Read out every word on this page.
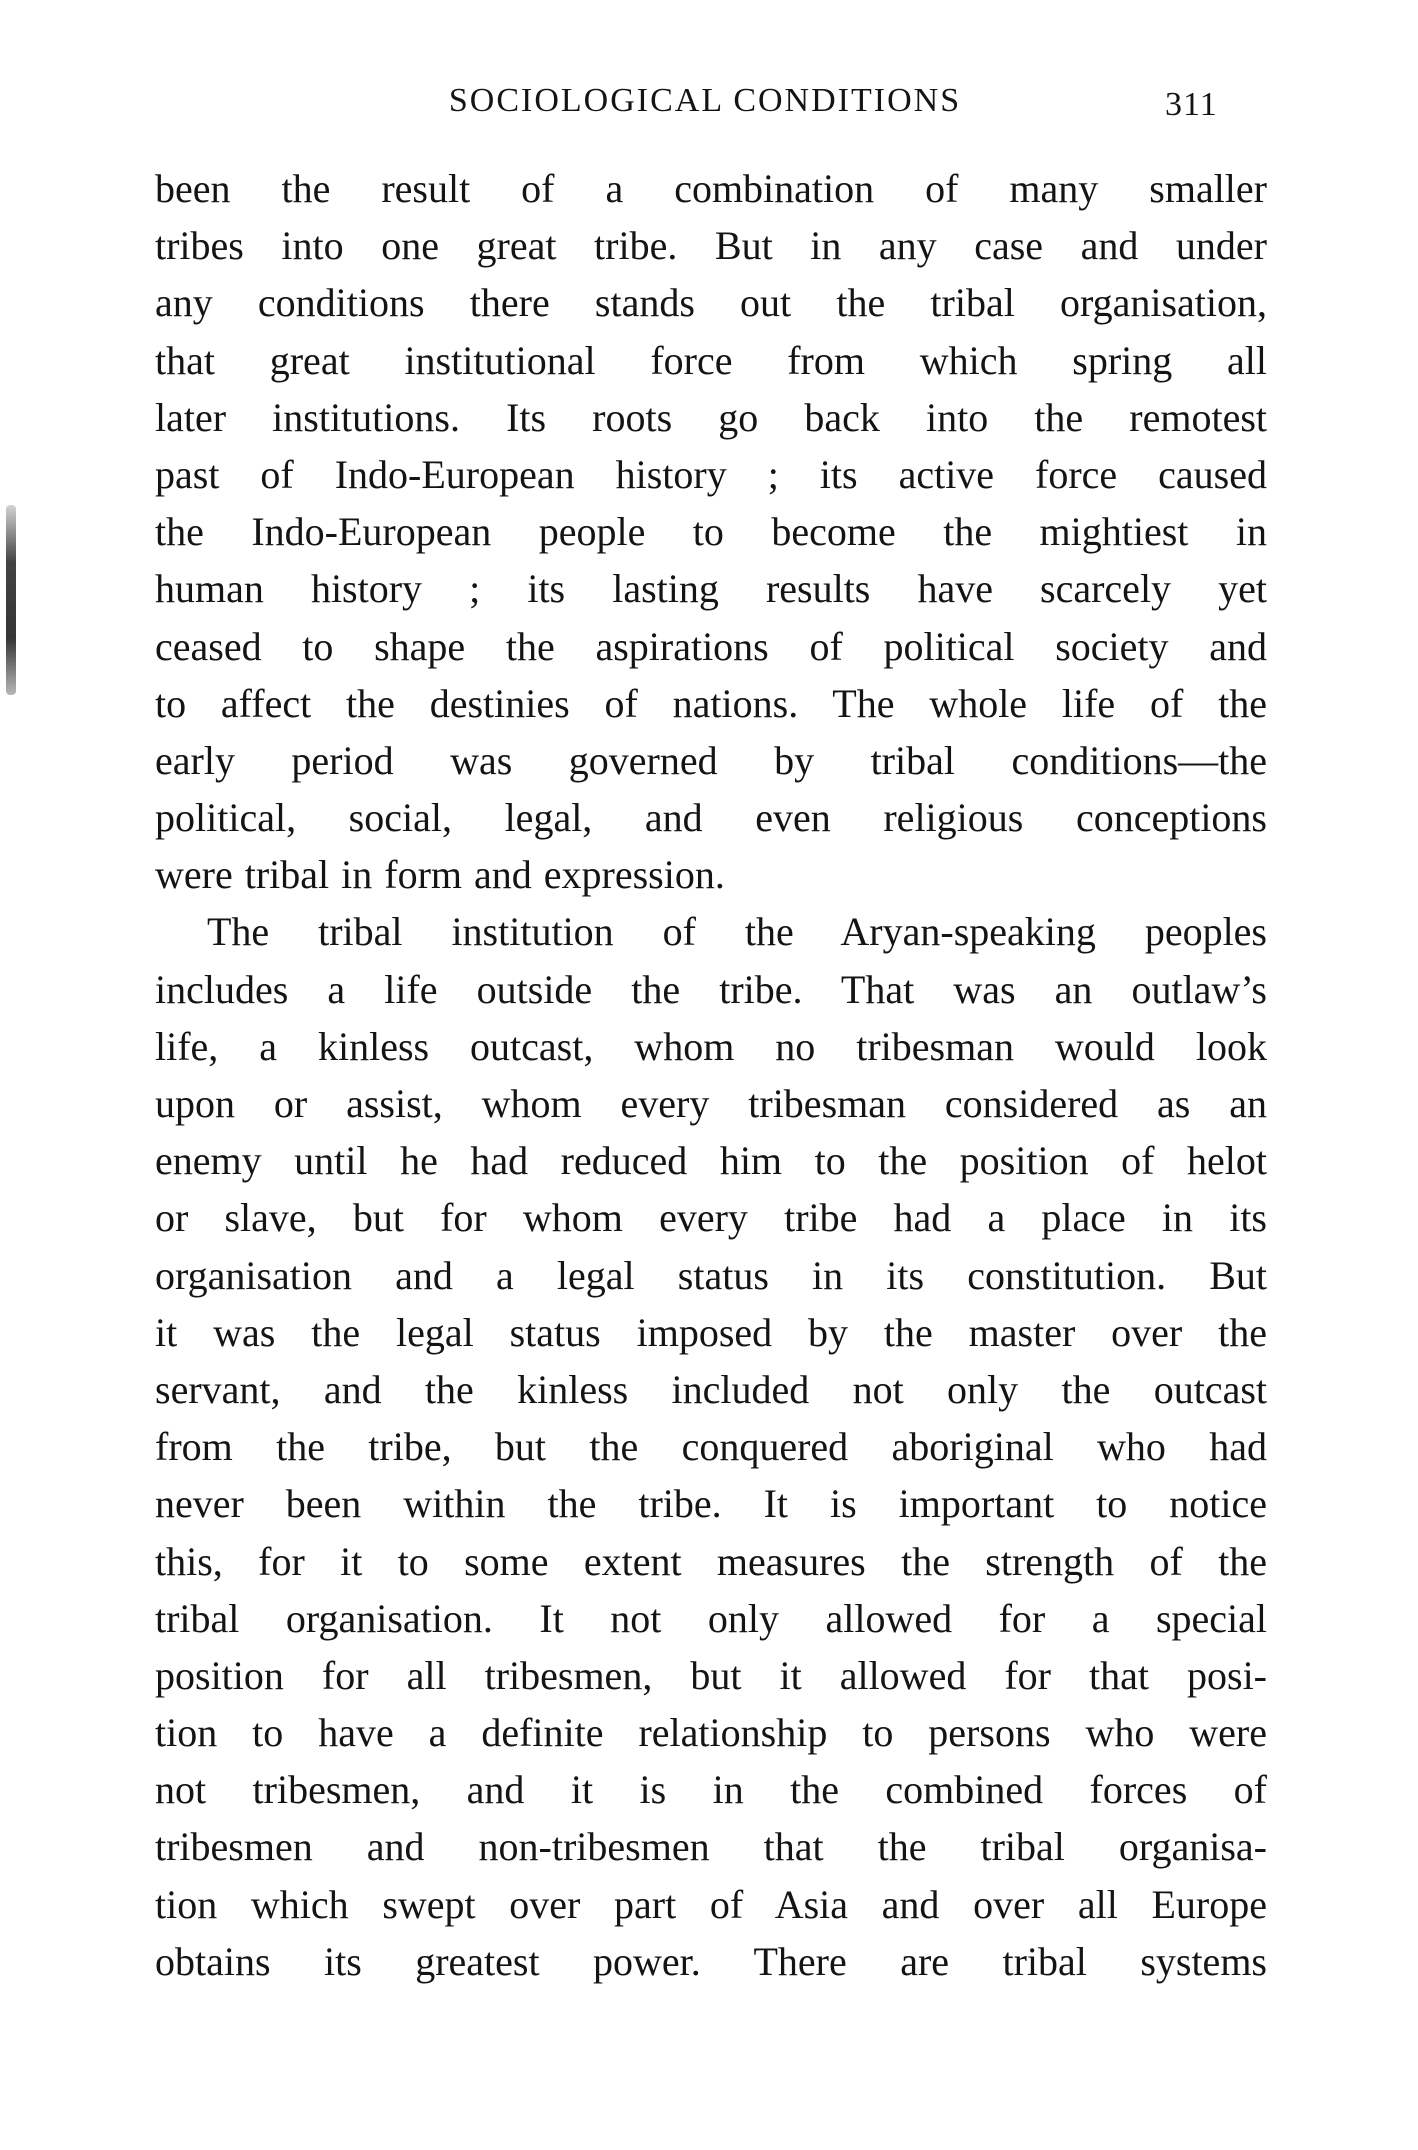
SOCIOLOGICAL CONDITIONS	311
been the result of a combination of many smaller
tribes into one great tribe. But in any case and under
any conditions there stands out the tribal organisation,
that great institutional force from which spring all
later institutions. Its roots go back into the remotest
past of Indo-European history ; its active force caused
the Indo-European people to become the mightiest in
human history ; its lasting results have scarcely yet
ceased to shape the aspirations of political society and
to affect the destinies of nations. The whole life of the
early period was governed by tribal conditions—the
political, social, legal, and even religious conceptions
were tribal in form and expression.
The tribal institution of the Aryan-speaking peoples
includes a life outside the tribe. That was an outlaw’s
life, a kinless outcast, whom no tribesman would look
upon or assist, whom every tribesman considered as an
enemy until he had reduced him to the position of helot
or slave, but for whom every tribe had a place in its
organisation and a legal status in its constitution. But
it was the legal status imposed by the master over the
servant, and the kinless included not only the outcast
from the tribe, but the conquered aboriginal who had
never been within the tribe. It is important to notice
this, for it to some extent measures the strength of the
tribal organisation. It not only allowed for a special
position for all tribesmen, but it allowed for that posi-
tion to have a definite relationship to persons who were
not tribesmen, and it is in the combined forces of
tribesmen and non-tribesmen that the tribal organisa-
tion which swept over part of Asia and over all Europe
obtains its greatest power. There are tribal systems
